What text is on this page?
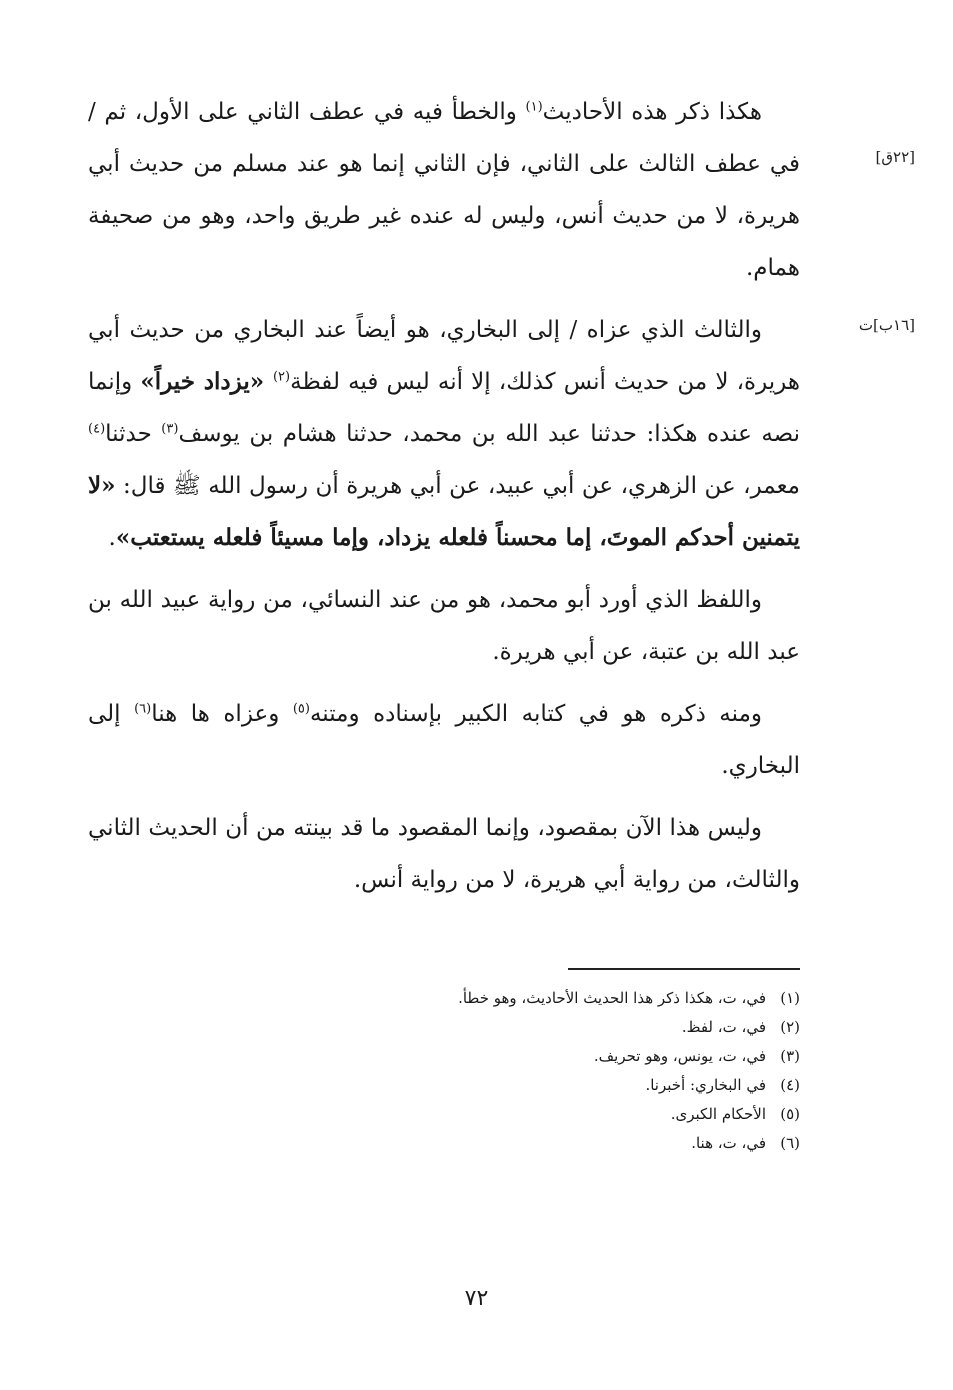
[٢٢ق]
[١٦ب]ت

هكذا ذكر هذه الأحاديث$^{(١)}$ والخطأ فيه في عطف الثاني على الأول، ثم / في عطف الثالث على الثاني، فإن الثاني إنما هو عند مسلم من حديث أبي هريرة، لا من حديث أنس، وليس له عنده غير طريق واحد، وهو من صحيفة همام.

والثالث الذي عزاه / إلى البخاري، هو أيضاً عند البخاري من حديث أبي هريرة، لا من حديث أنس كذلك، إلا أنه ليس فيه لفظة$^{(٢)}$ «يزداد خيراً» وإنما نصه عنده هكذا: حدثنا عبد الله بن محمد، حدثنا هشام بن يوسف$^{(٣)}$ حدثنا$^{(٤)}$ معمر، عن الزهري، عن أبي عبيد، عن أبي هريرة أن رسول الله ﷺ قال: «لا يتمنين أحدكم الموتَ، إما محسناً فلعله يزداد، وإما مسيئاً فلعله يستعتب».

واللفظ الذي أورد أبو محمد، هو من عند النسائي، من رواية عبيد الله بن عبد الله بن عتبة، عن أبي هريرة.

ومنه ذكره هو في كتابه الكبير بإسناده ومتنه$^{(٥)}$ وعزاه ها هنا$^{(٦)}$ إلى البخاري.

وليس هذا الآن بمقصود، وإنما المقصود ما قد بينته من أن الحديث الثاني والثالث، من رواية أبي هريرة، لا من رواية أنس.

(١)في، ت، هكذا ذكر هذا الحديث الأحاديث، وهو خطأ.
(٢)في، ت، لفظ.
(٣)في، ت، يونس، وهو تحريف.
(٤)في البخاري: أخبرنا.
(٥)الأحكام الكبرى.
(٦)في، ت، هنا.
٧٢
